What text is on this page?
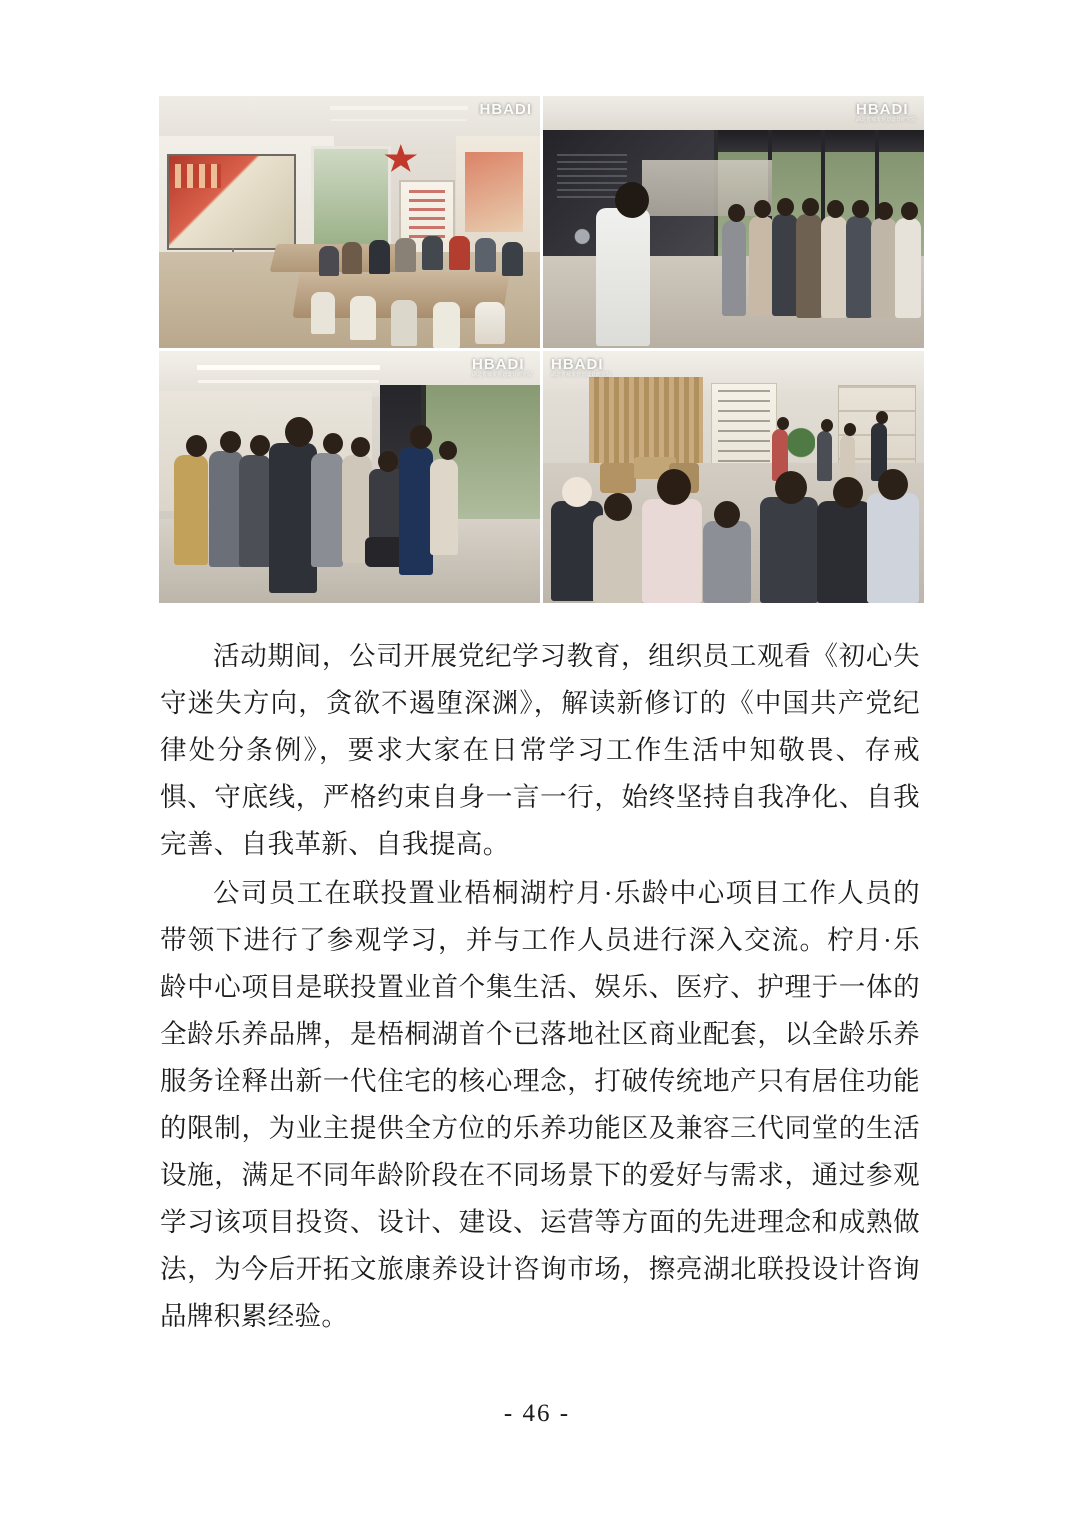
HBADI	HBADI
湖北省城市规划设计研究院
HBADI
湖北省城市规划设计研究院
HBADI
湖北省城市规划设计研究院

活动期间，公司开展党纪学习教育，组织员工观看《初心失守迷失方向，贪欲不遏堕深渊》，解读新修订的《中国共产党纪律处分条例》，要求大家在日常学习工作生活中知敬畏、存戒惧、守底线，严格约束自身一言一行，始终坚持自我净化、自我完善、自我革新、自我提高。

公司员工在联投置业梧桐湖柠月·乐龄中心项目工作人员的带领下进行了参观学习，并与工作人员进行深入交流。柠月·乐龄中心项目是联投置业首个集生活、娱乐、医疗、护理于一体的全龄乐养品牌，是梧桐湖首个已落地社区商业配套，以全龄乐养服务诠释出新一代住宅的核心理念，打破传统地产只有居住功能的限制，为业主提供全方位的乐养功能区及兼容三代同堂的生活设施，满足不同年龄阶段在不同场景下的爱好与需求，通过参观学习该项目投资、设计、建设、运营等方面的先进理念和成熟做法，为今后开拓文旅康养设计咨询市场，擦亮湖北联投设计咨询品牌积累经验。

- 46 -
